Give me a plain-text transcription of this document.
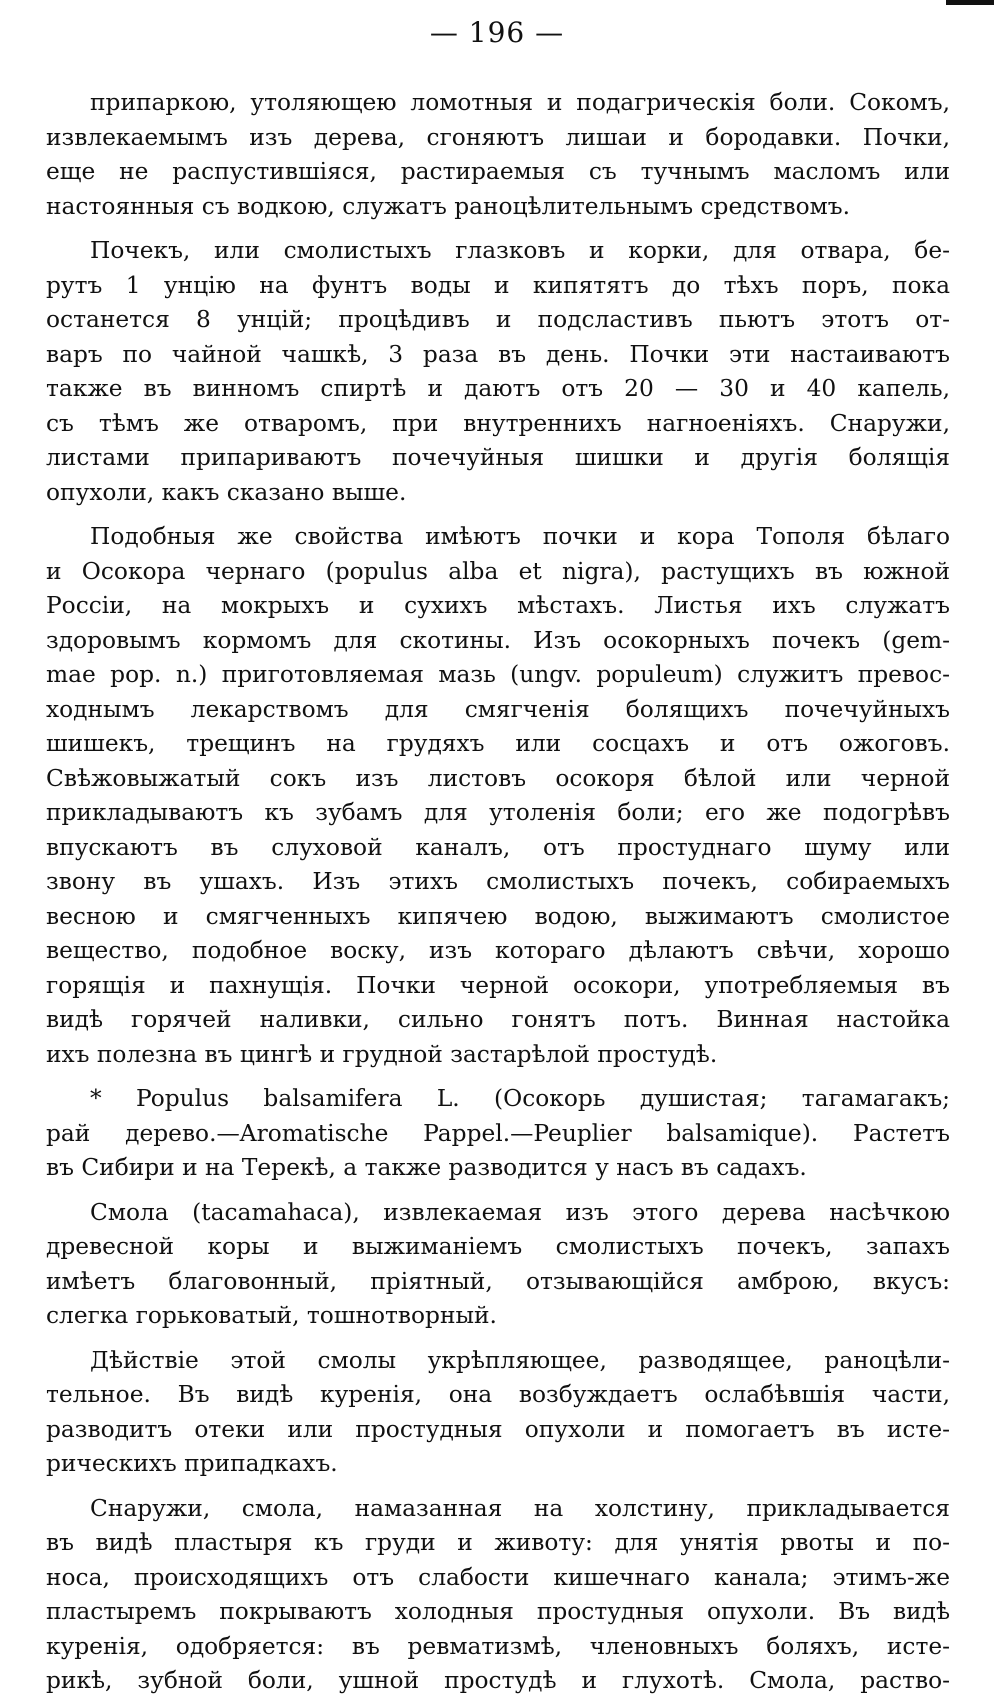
— 196 —
припаркою, утоляющею ломотныя и подагрическія боли. Сокомъ,
извлекаемымъ изъ дерева, сгоняютъ лишаи и бородавки. Почки,
еще не распустившіяся, растираемыя съ тучнымъ масломъ или
настоянныя съ водкою, служатъ раноцѣлительнымъ средствомъ.
Почекъ, или смолистыхъ глазковъ и корки, для отвара, бе-
рутъ 1 унцію на фунтъ воды и кипятятъ до тѣхъ поръ, пока
останется 8 унцій; процѣдивъ и подсластивъ пьютъ этотъ от-
варъ по чайной чашкѣ, 3 раза въ день. Почки эти настаиваютъ
также въ винномъ спиртѣ и даютъ отъ 20 — 30 и 40 капель,
съ тѣмъ же отваромъ, при внутреннихъ нагноеніяхъ. Снаружи,
листами припариваютъ почечуйныя шишки и другія болящія
опухоли, какъ сказано выше.
Подобныя же свойства имѣютъ почки и кора Тополя бѣлаго
и Осокора чернаго (populus alba et nigra), растущихъ въ южной
Россіи, на мокрыхъ и сухихъ мѣстахъ. Листья ихъ служатъ
здоровымъ кормомъ для скотины. Изъ осокорныхъ почекъ (gem-
mae pop. n.) приготовляемая мазь (ungv. populeum) служитъ превос-
ходнымъ лекарствомъ для смягченія болящихъ почечуйныхъ
шишекъ, трещинъ на грудяхъ или сосцахъ и отъ ожоговъ.
Свѣжовыжатый сокъ изъ листовъ осокоря бѣлой или черной
прикладываютъ къ зубамъ для утоленія боли; его же подогрѣвъ
впускаютъ въ слуховой каналъ, отъ простуднаго шуму или
звону въ ушахъ. Изъ этихъ смолистыхъ почекъ, собираемыхъ
весною и смягченныхъ кипячею водою, выжимаютъ смолистое
вещество, подобное воску, изъ котораго дѣлаютъ свѣчи, хорошо
горящія и пахнущія. Почки черной осокори, употребляемыя въ
видѣ горячей наливки, сильно гонятъ потъ. Винная настойка
ихъ полезна въ цингѣ и грудной застарѣлой простудѣ.
* Populus balsamifera L. (Осокорь душистая; тагамагакъ;
рай дерево.—Aromatische Pappel.—Peuplier balsamique). Растетъ
въ Сибири и на Терекѣ, а также разводится у насъ въ садахъ.
Смола (tacamahaca), извлекаемая изъ этого дерева насѣчкою
древесной коры и выжиманіемъ смолистыхъ почекъ, запахъ
имѣетъ благовонный, пріятный, отзывающійся амброю, вкусъ:
слегка горьковатый, тошнотворный.
Дѣйствіе этой смолы укрѣпляющее, разводящее, раноцѣли-
тельное. Въ видѣ куренія, она возбуждаетъ ослабѣвшія части,
разводитъ отеки или простудныя опухоли и помогаетъ въ исте-
рическихъ припадкахъ.
Снаружи, смола, намазанная на холстину, прикладывается
въ видѣ пластыря къ груди и животу: для унятія рвоты и по-
носа, происходящихъ отъ слабости кишечнаго канала; этимъ-же
пластыремъ покрываютъ холодныя простудныя опухоли. Въ видѣ
куренія, одобряется: въ ревматизмѣ, членовныхъ боляхъ, исте-
рикѣ, зубной боли, ушной простудѣ и глухотѣ. Смола, раство-
